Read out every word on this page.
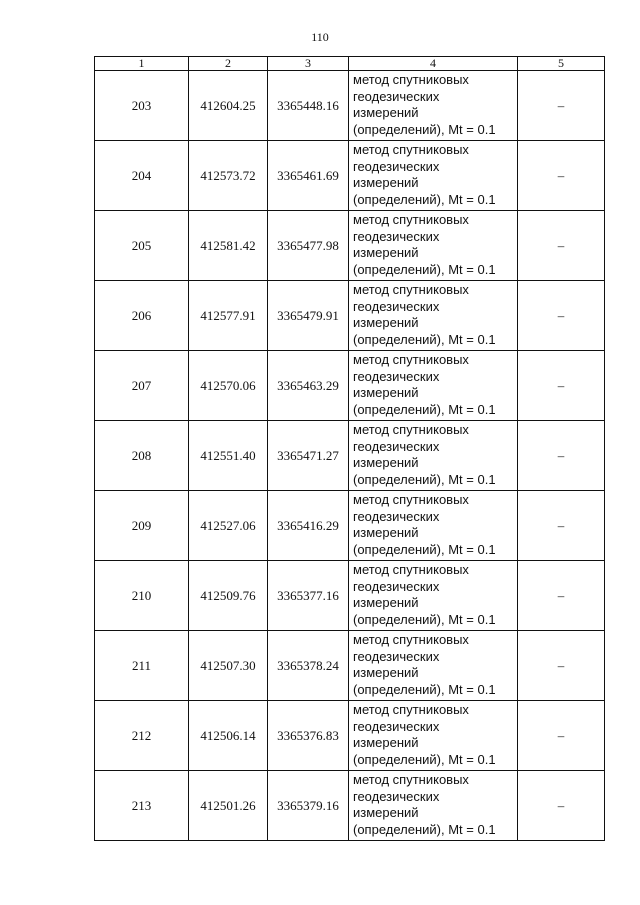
110
1	2	3	4	5
203	412604.25	3365448.16	метод спутниковых
геодезических
измерений
(определений), Mt = 0.1	–
204	412573.72	3365461.69	метод спутниковых
геодезических
измерений
(определений), Mt = 0.1	–
205	412581.42	3365477.98	метод спутниковых
геодезических
измерений
(определений), Mt = 0.1	–
206	412577.91	3365479.91	метод спутниковых
геодезических
измерений
(определений), Mt = 0.1	–
207	412570.06	3365463.29	метод спутниковых
геодезических
измерений
(определений), Mt = 0.1	–
208	412551.40	3365471.27	метод спутниковых
геодезических
измерений
(определений), Mt = 0.1	–
209	412527.06	3365416.29	метод спутниковых
геодезических
измерений
(определений), Mt = 0.1	–
210	412509.76	3365377.16	метод спутниковых
геодезических
измерений
(определений), Mt = 0.1	–
211	412507.30	3365378.24	метод спутниковых
геодезических
измерений
(определений), Mt = 0.1	–
212	412506.14	3365376.83	метод спутниковых
геодезических
измерений
(определений), Mt = 0.1	–
213	412501.26	3365379.16	метод спутниковых
геодезических
измерений
(определений), Mt = 0.1	–
